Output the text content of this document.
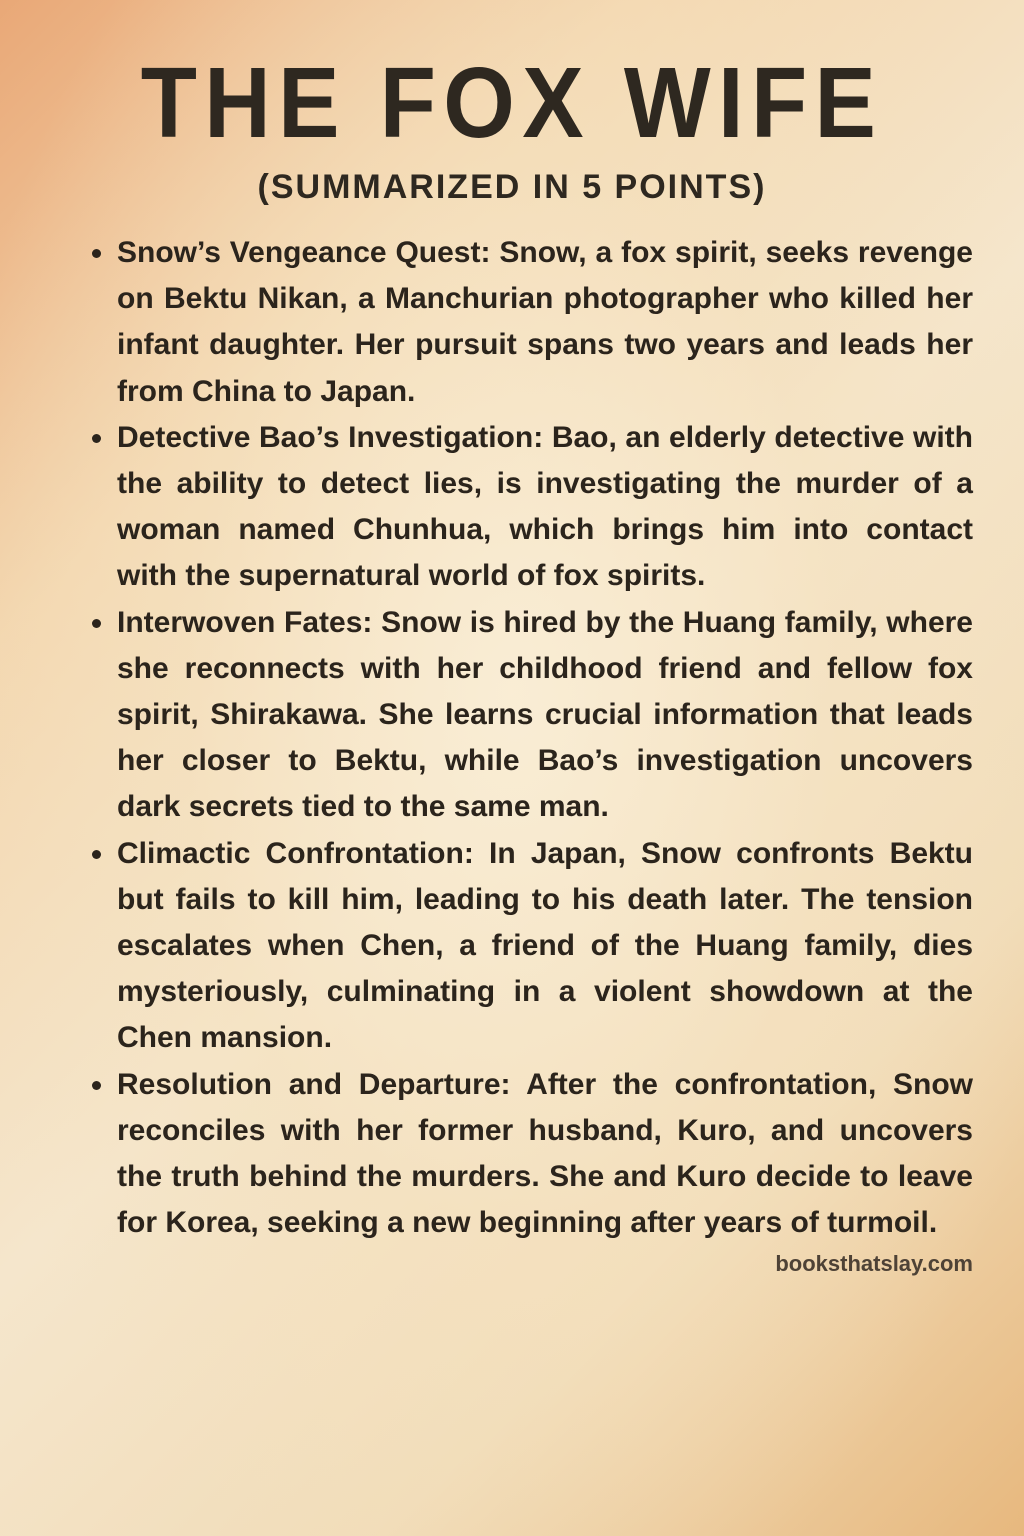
THE FOX WIFE
(SUMMARIZED IN 5 POINTS)
Snow’s Vengeance Quest: Snow, a fox spirit, seeks revenge on Bektu Nikan, a Manchurian photographer who killed her infant daughter. Her pursuit spans two years and leads her from China to Japan.
Detective Bao’s Investigation: Bao, an elderly detective with the ability to detect lies, is investigating the murder of a woman named Chunhua, which brings him into contact with the supernatural world of fox spirits.
Interwoven Fates: Snow is hired by the Huang family, where she reconnects with her childhood friend and fellow fox spirit, Shirakawa. She learns crucial information that leads her closer to Bektu, while Bao’s investigation uncovers dark secrets tied to the same man.
Climactic Confrontation: In Japan, Snow confronts Bektu but fails to kill him, leading to his death later. The tension escalates when Chen, a friend of the Huang family, dies mysteriously, culminating in a violent showdown at the Chen mansion.
Resolution and Departure: After the confrontation, Snow reconciles with her former husband, Kuro, and uncovers the truth behind the murders. She and Kuro decide to leave for Korea, seeking a new beginning after years of turmoil.
booksthatslay.com
